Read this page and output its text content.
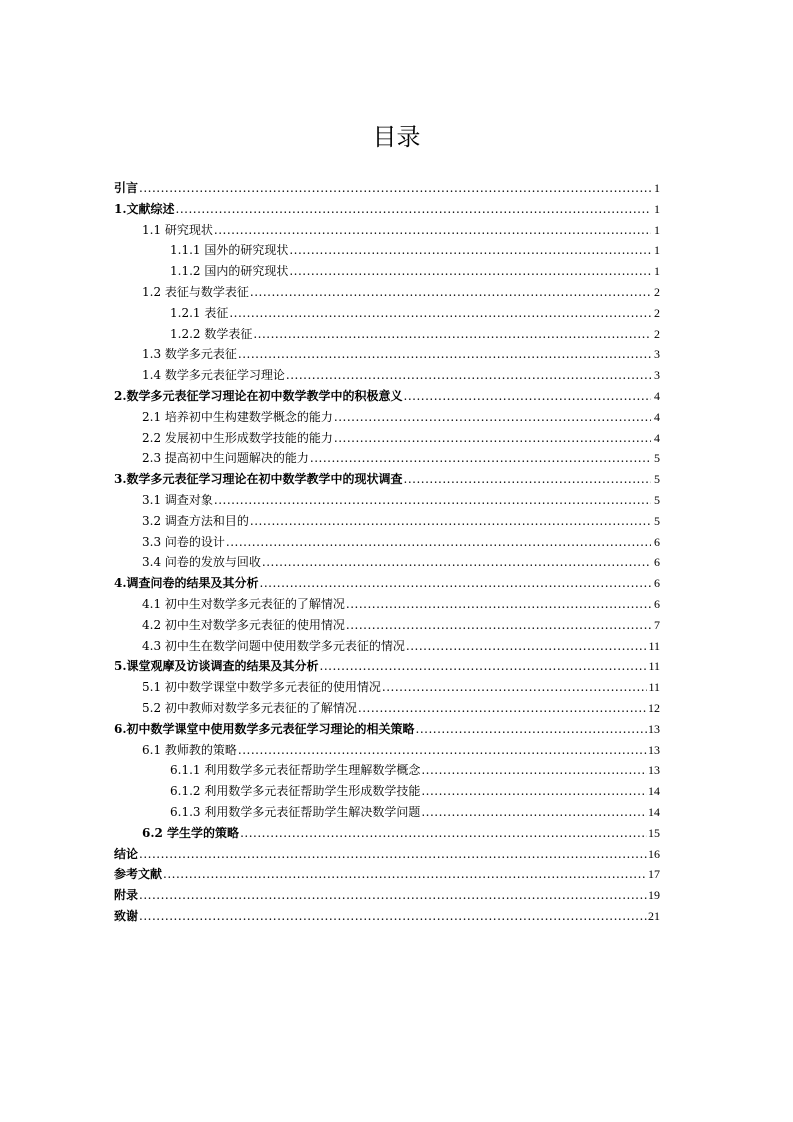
目录
引言 .....	1
1.文献综述 .....	1
1.1 研究现状 .....	1
1.1.1 国外的研究现状 .....	1
1.1.2 国内的研究现状 .....	1
1.2 表征与数学表征 .....	2
1.2.1 表征 .....	2
1.2.2 数学表征 .....	2
1.3 数学多元表征 .....	3
1.4 数学多元表征学习理论 .....	3
2.数学多元表征学习理论在初中数学教学中的积极意义 .....	4
2.1 培养初中生构建数学概念的能力 .....	4
2.2 发展初中生形成数学技能的能力 .....	4
2.3 提高初中生问题解决的能力 .....	5
3.数学多元表征学习理论在初中数学教学中的现状调查 .....	5
3.1 调查对象 .....	5
3.2 调查方法和目的 .....	5
3.3 问卷的设计 .....	6
3.4 问卷的发放与回收 .....	6
4.调查问卷的结果及其分析 .....	6
4.1 初中生对数学多元表征的了解情况 .....	6
4.2 初中生对数学多元表征的使用情况 .....	7
4.3 初中生在数学问题中使用数学多元表征的情况 .....	11
5.课堂观摩及访谈调查的结果及其分析 .....	11
5.1 初中数学课堂中数学多元表征的使用情况 .....	11
5.2 初中教师对数学多元表征的了解情况 .....	12
6.初中数学课堂中使用数学多元表征学习理论的相关策略 .....	13
6.1 教师教的策略 .....	13
6.1.1 利用数学多元表征帮助学生理解数学概念 .....	13
6.1.2 利用数学多元表征帮助学生形成数学技能 .....	14
6.1.3 利用数学多元表征帮助学生解决数学问题 .....	14
6.2 学生学的策略 .....	15
结论 .....	16
参考文献 .....	17
附录 .....	19
致谢 .....	21
